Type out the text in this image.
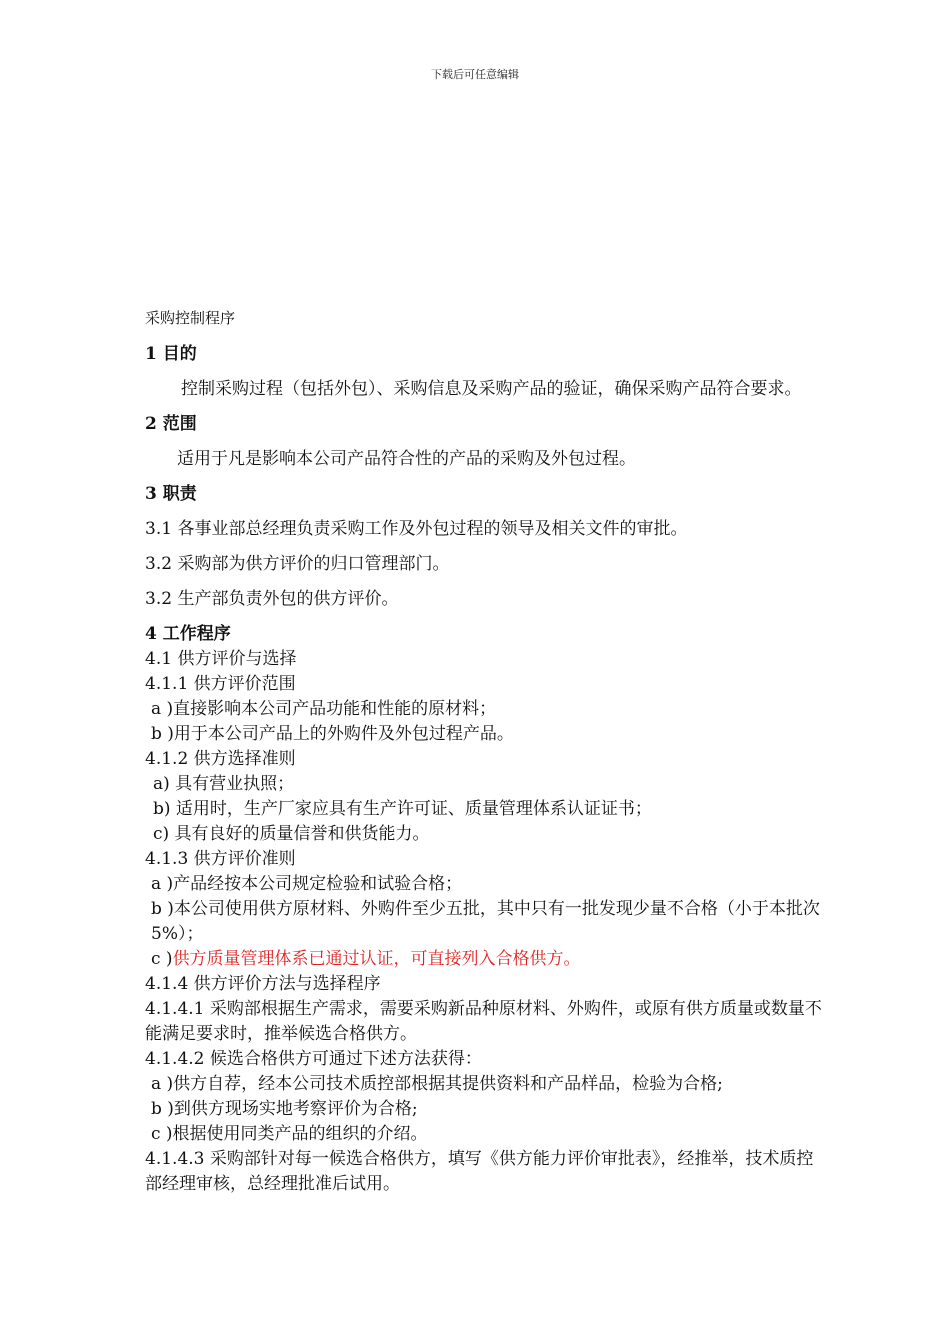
下载后可任意编辑
采购控制程序
1 目的

控制采购过程（包括外包）、采购信息及采购产品的验证，确保采购产品符合要求。

2 范围

适用于凡是影响本公司产品符合性的产品的采购及外包过程。

3 职责

3.1 各事业部总经理负责采购工作及外包过程的领导及相关文件的审批。

3.2 采购部为供方评价的归口管理部门。

3.2 生产部负责外包的供方评价。

4 工作程序

4.1 供方评价与选择

4.1.1 供方评价范围

a )直接影响本公司产品功能和性能的原材料；

b )用于本公司产品上的外购件及外包过程产品。

4.1.2 供方选择准则

a) 具有营业执照；

b) 适用时，生产厂家应具有生产许可证、质量管理体系认证证书；

c) 具有良好的质量信誉和供货能力。

4.1.3 供方评价准则

a )产品经按本公司规定检验和试验合格；

b )本公司使用供方原材料、外购件至少五批，其中只有一批发现少量不合格（小于本批次 5%）；

c )供方质量管理体系已通过认证，可直接列入合格供方。

4.1.4 供方评价方法与选择程序

4.1.4.1 采购部根据生产需求，需要采购新品种原材料、外购件，或原有供方质量或数量不能满足要求时，推举候选合格供方。

4.1.4.2 候选合格供方可通过下述方法获得：

a )供方自荐，经本公司技术质控部根据其提供资料和产品样品，检验为合格;

b )到供方现场实地考察评价为合格;

c )根据使用同类产品的组织的介绍。

4.1.4.3 采购部针对每一候选合格供方，填写《供方能力评价审批表》，经推举，技术质控部经理审核，总经理批准后试用。
